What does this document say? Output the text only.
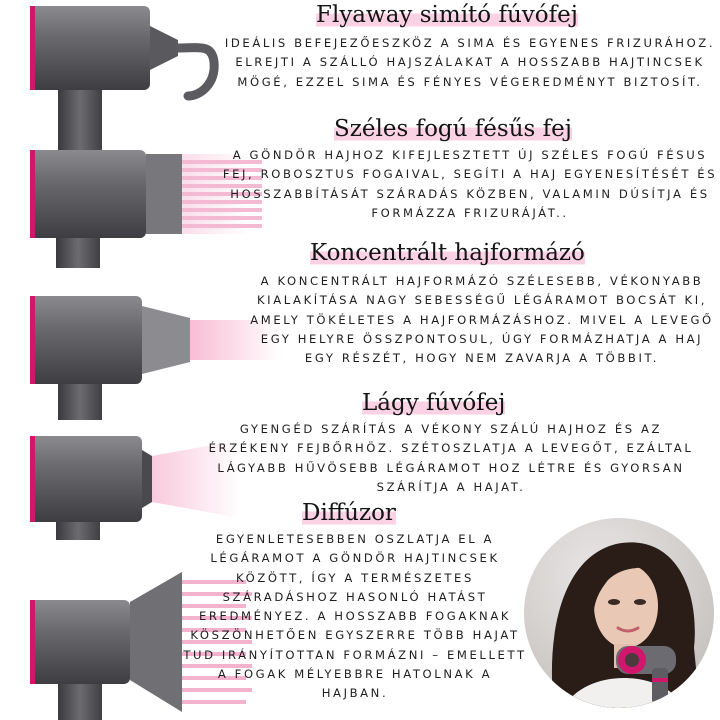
Flyaway simító fúvófej

IDEÁLIS BEFEJEZŐESZKÖZ A SIMA ÉS EGYENES FRIZURÁHOZ. ELREJTI A SZÁLLÓ HAJSZÁLAKAT A HOSSZABB HAJTINCSEK MÖGÉ, EZZEL SIMA ÉS FÉNYES VÉGEREDMÉNYT BIZTOSÍT.

Széles fogú fésűs fej

A GÖNDÖR HAJHOZ KIFEJLESZTETT ÚJ SZÉLES FOGÚ FÉSUS FEJ, ROBOSZTUS FOGAIVAL, SEGÍTI A HAJ EGYENESÍTÉSÉT ÉS HOSSZABBÍTÁSÁT SZÁRADÁS KÖZBEN, VALAMIN DÚSÍTJA ÉS FORMÁZZA FRIZURÁJÁT..

Koncentrált hajformázó

A KONCENTRÁLT HAJFORMÁZÓ SZÉLESEBB, VÉKONYABB KIALAKÍTÁSA NAGY SEBESSÉGŰ LÉGÁRAMOT BOCSÁT KI, AMELY TÖKÉLETES A HAJFORMÁZÁSHOZ. MIVEL A LEVEGŐ EGY HELYRE ÖSSZPONTOSUL, ÚGY FORMÁZHATJA A HAJ EGY RÉSZÉT, HOGY NEM ZAVARJA A TÖBBIT.

Lágy fúvófej

GYENGÉD SZÁRÍTÁS A VÉKONY SZÁLÚ HAJHOZ ÉS AZ ÉRZÉKENY FEJBŐRHÖZ. SZÉTOSZLATJA A LEVEGŐT, EZÁLTAL LÁGYABB HŰVÖSEBB LÉGÁRAMOT HOZ LÉTRE ÉS GYORSAN SZÁRÍTJA A HAJAT.

Diffúzor

EGYENLETESEBBEN OSZLATJA EL A LÉGÁRAMOT A GÖNDÖR HAJTINCSEK KÖZÖTT, ÍGY A TERMÉSZETES SZÁRADÁSHOZ HASONLÓ HATÁST EREDMÉNYEZ. A HOSSZABB FOGAKNAK KÖSZÖNHETŐEN EGYSZERRE TÖBB HAJAT TUD IRÁNYÍTOTTAN FORMÁZNI – EMELLETT A FOGAK MÉLYEBBRE HATOLNAK A HAJBAN.
